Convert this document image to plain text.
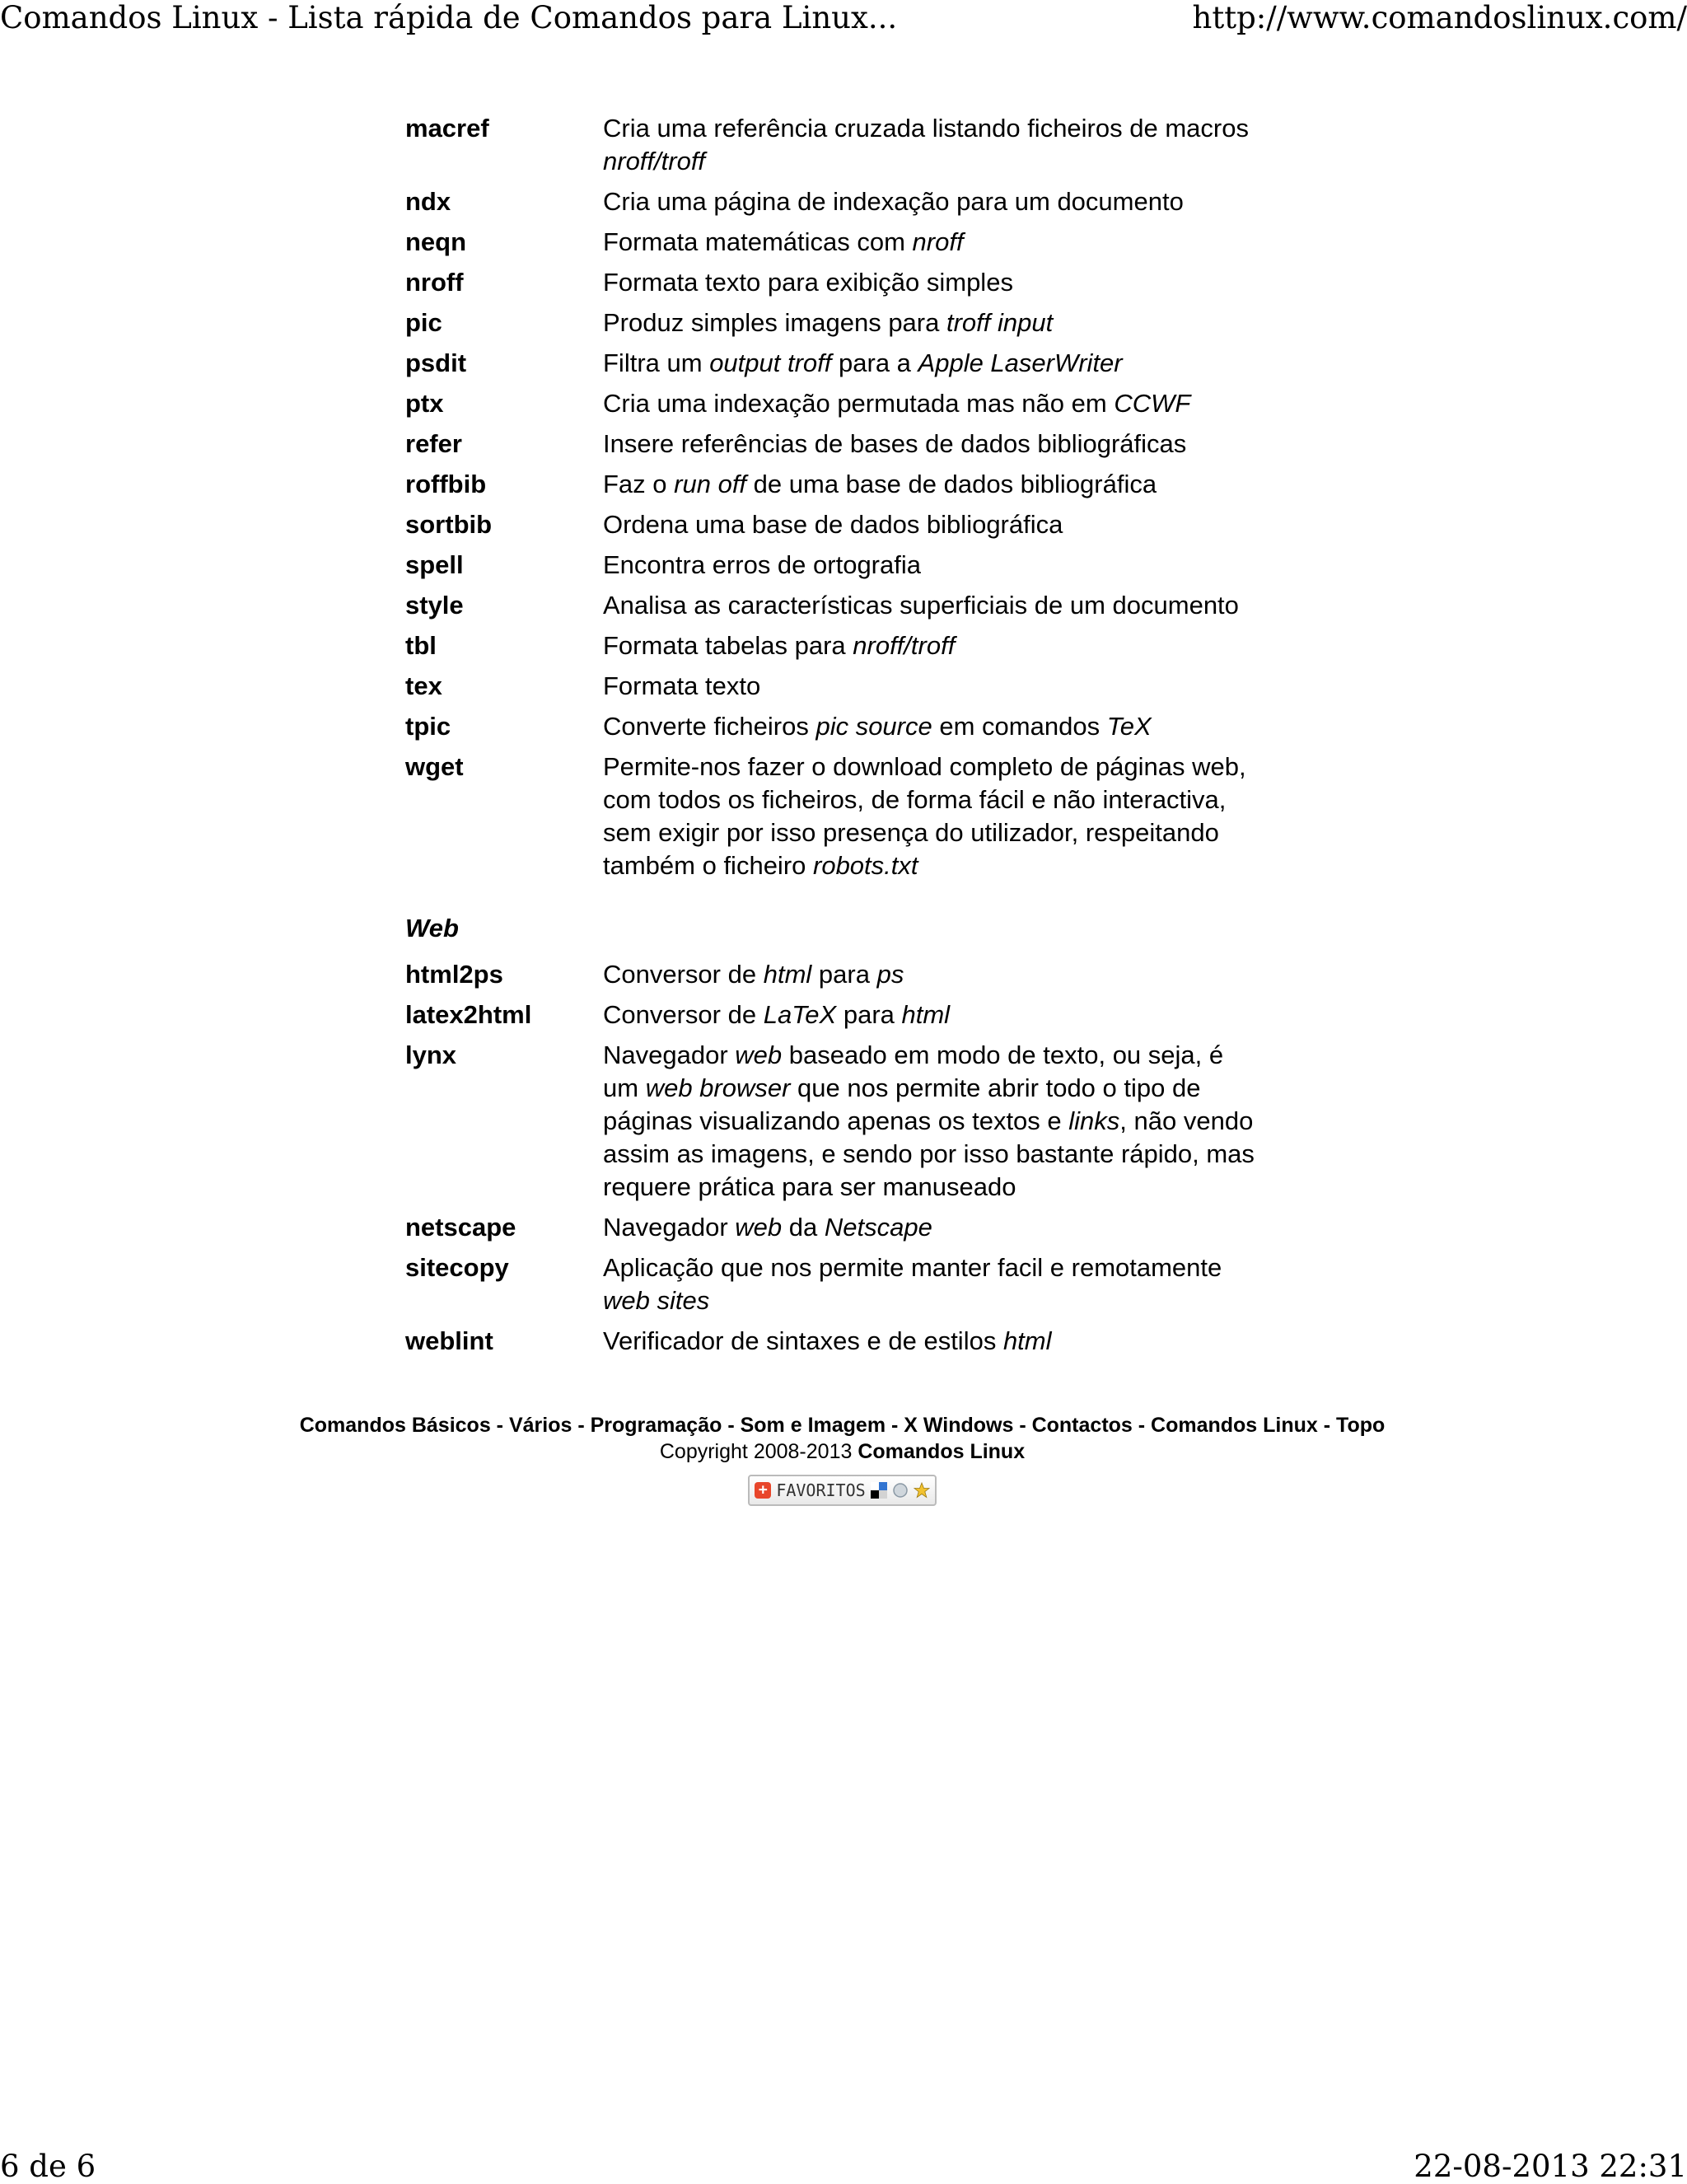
Comandos Linux - Lista rápida de Comandos para Linux...	http://www.comandoslinux.com/
macref	Cria uma referência cruzada listando ficheiros de macros nroff/troff
ndx	Cria uma página de indexação para um documento
neqn	Formata matemáticas com nroff
nroff	Formata texto para exibição simples
pic	Produz simples imagens para troff input
psdit	Filtra um output troff para a Apple LaserWriter
ptx	Cria uma indexação permutada mas não em CCWF
refer	Insere referências de bases de dados bibliográficas
roffbib	Faz o run off de uma base de dados bibliográfica
sortbib	Ordena uma base de dados bibliográfica
spell	Encontra erros de ortografia
style	Analisa as características superficiais de um documento
tbl	Formata tabelas para nroff/troff
tex	Formata texto
tpic	Converte ficheiros pic source em comandos TeX
wget	Permite-nos fazer o download completo de páginas web, com todos os ficheiros, de forma fácil e não interactiva, sem exigir por isso presença do utilizador, respeitando também o ficheiro robots.txt
Web
html2ps	Conversor de html para ps
latex2html	Conversor de LaTeX para html
lynx	Navegador web baseado em modo de texto, ou seja, é um web browser que nos permite abrir todo o tipo de páginas visualizando apenas os textos e links, não vendo assim as imagens, e sendo por isso bastante rápido, mas requere prática para ser manuseado
netscape	Navegador web da Netscape
sitecopy	Aplicação que nos permite manter facil e remotamente web sites
weblint	Verificador de sintaxes e de estilos html
Comandos Básicos - Vários - Programação - Som e Imagem - X Windows - Contactos - Comandos Linux - Topo
Copyright 2008-2013 Comandos Linux
+ FAVORITOS
6 de 6	22-08-2013 22:31
